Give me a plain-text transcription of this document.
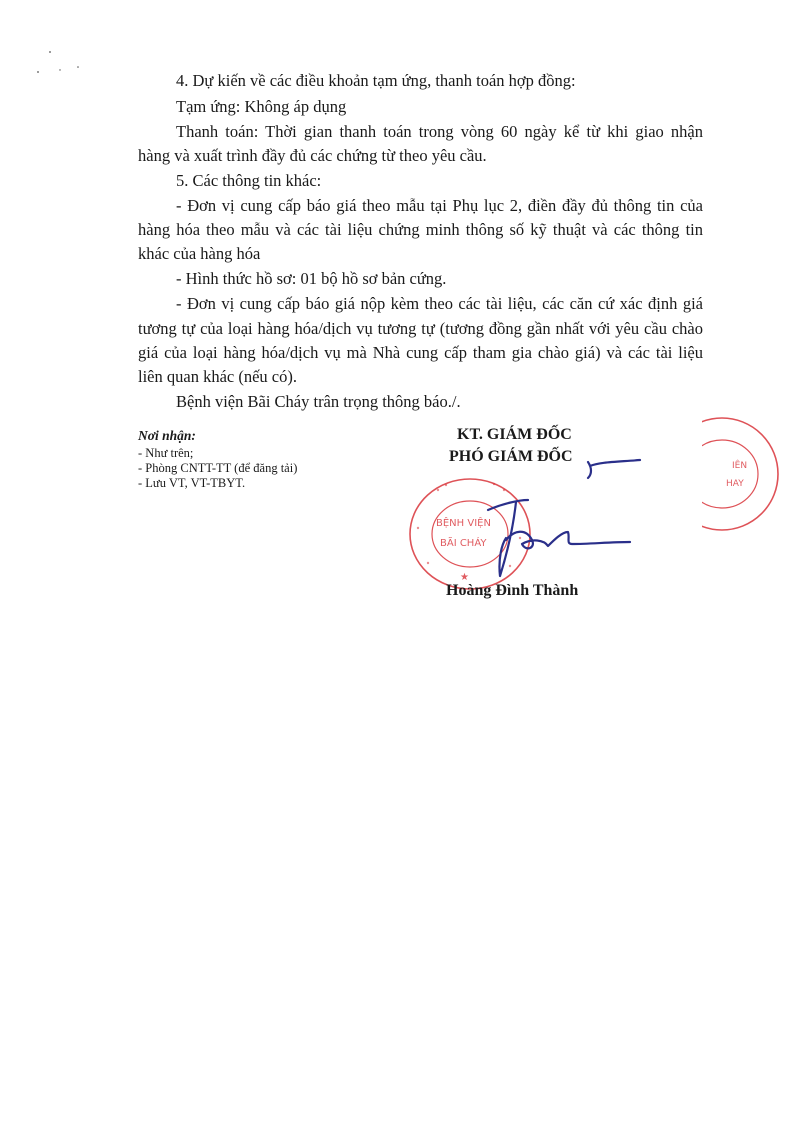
4. Dự kiến về các điều khoản tạm ứng, thanh toán hợp đồng:
Tạm ứng: Không áp dụng
Thanh toán: Thời gian thanh toán trong vòng 60 ngày kể từ khi giao nhận
hàng và xuất trình đầy đủ các chứng từ theo yêu cầu.
5. Các thông tin khác:
- Đơn vị cung cấp báo giá theo mẫu tại Phụ lục 2, điền đầy đủ thông tin của
hàng hóa theo mẫu và các tài liệu chứng minh thông số kỹ thuật và các thông tin
khác của hàng hóa
- Hình thức hồ sơ: 01 bộ hồ sơ bản cứng.
- Đơn vị cung cấp báo giá nộp kèm theo các tài liệu, các căn cứ xác định giá
tương tự của loại hàng hóa/dịch vụ tương tự (tương đồng gần nhất với yêu cầu chào
giá của loại hàng hóa/dịch vụ mà Nhà cung cấp tham gia chào giá) và các tài liệu
liên quan khác (nếu có).
Bệnh viện Bãi Cháy trân trọng thông báo./.
Nơi nhận:
- Như trên;
- Phòng CNTT-TT (để đăng tải)
- Lưu VT, VT-TBYT.
KT. GIÁM ĐỐC
PHÓ GIÁM ĐỐC
BỆNH VIỆN
BÃI CHÁY
★
IÊN
HAY
Hoàng Đình Thành
